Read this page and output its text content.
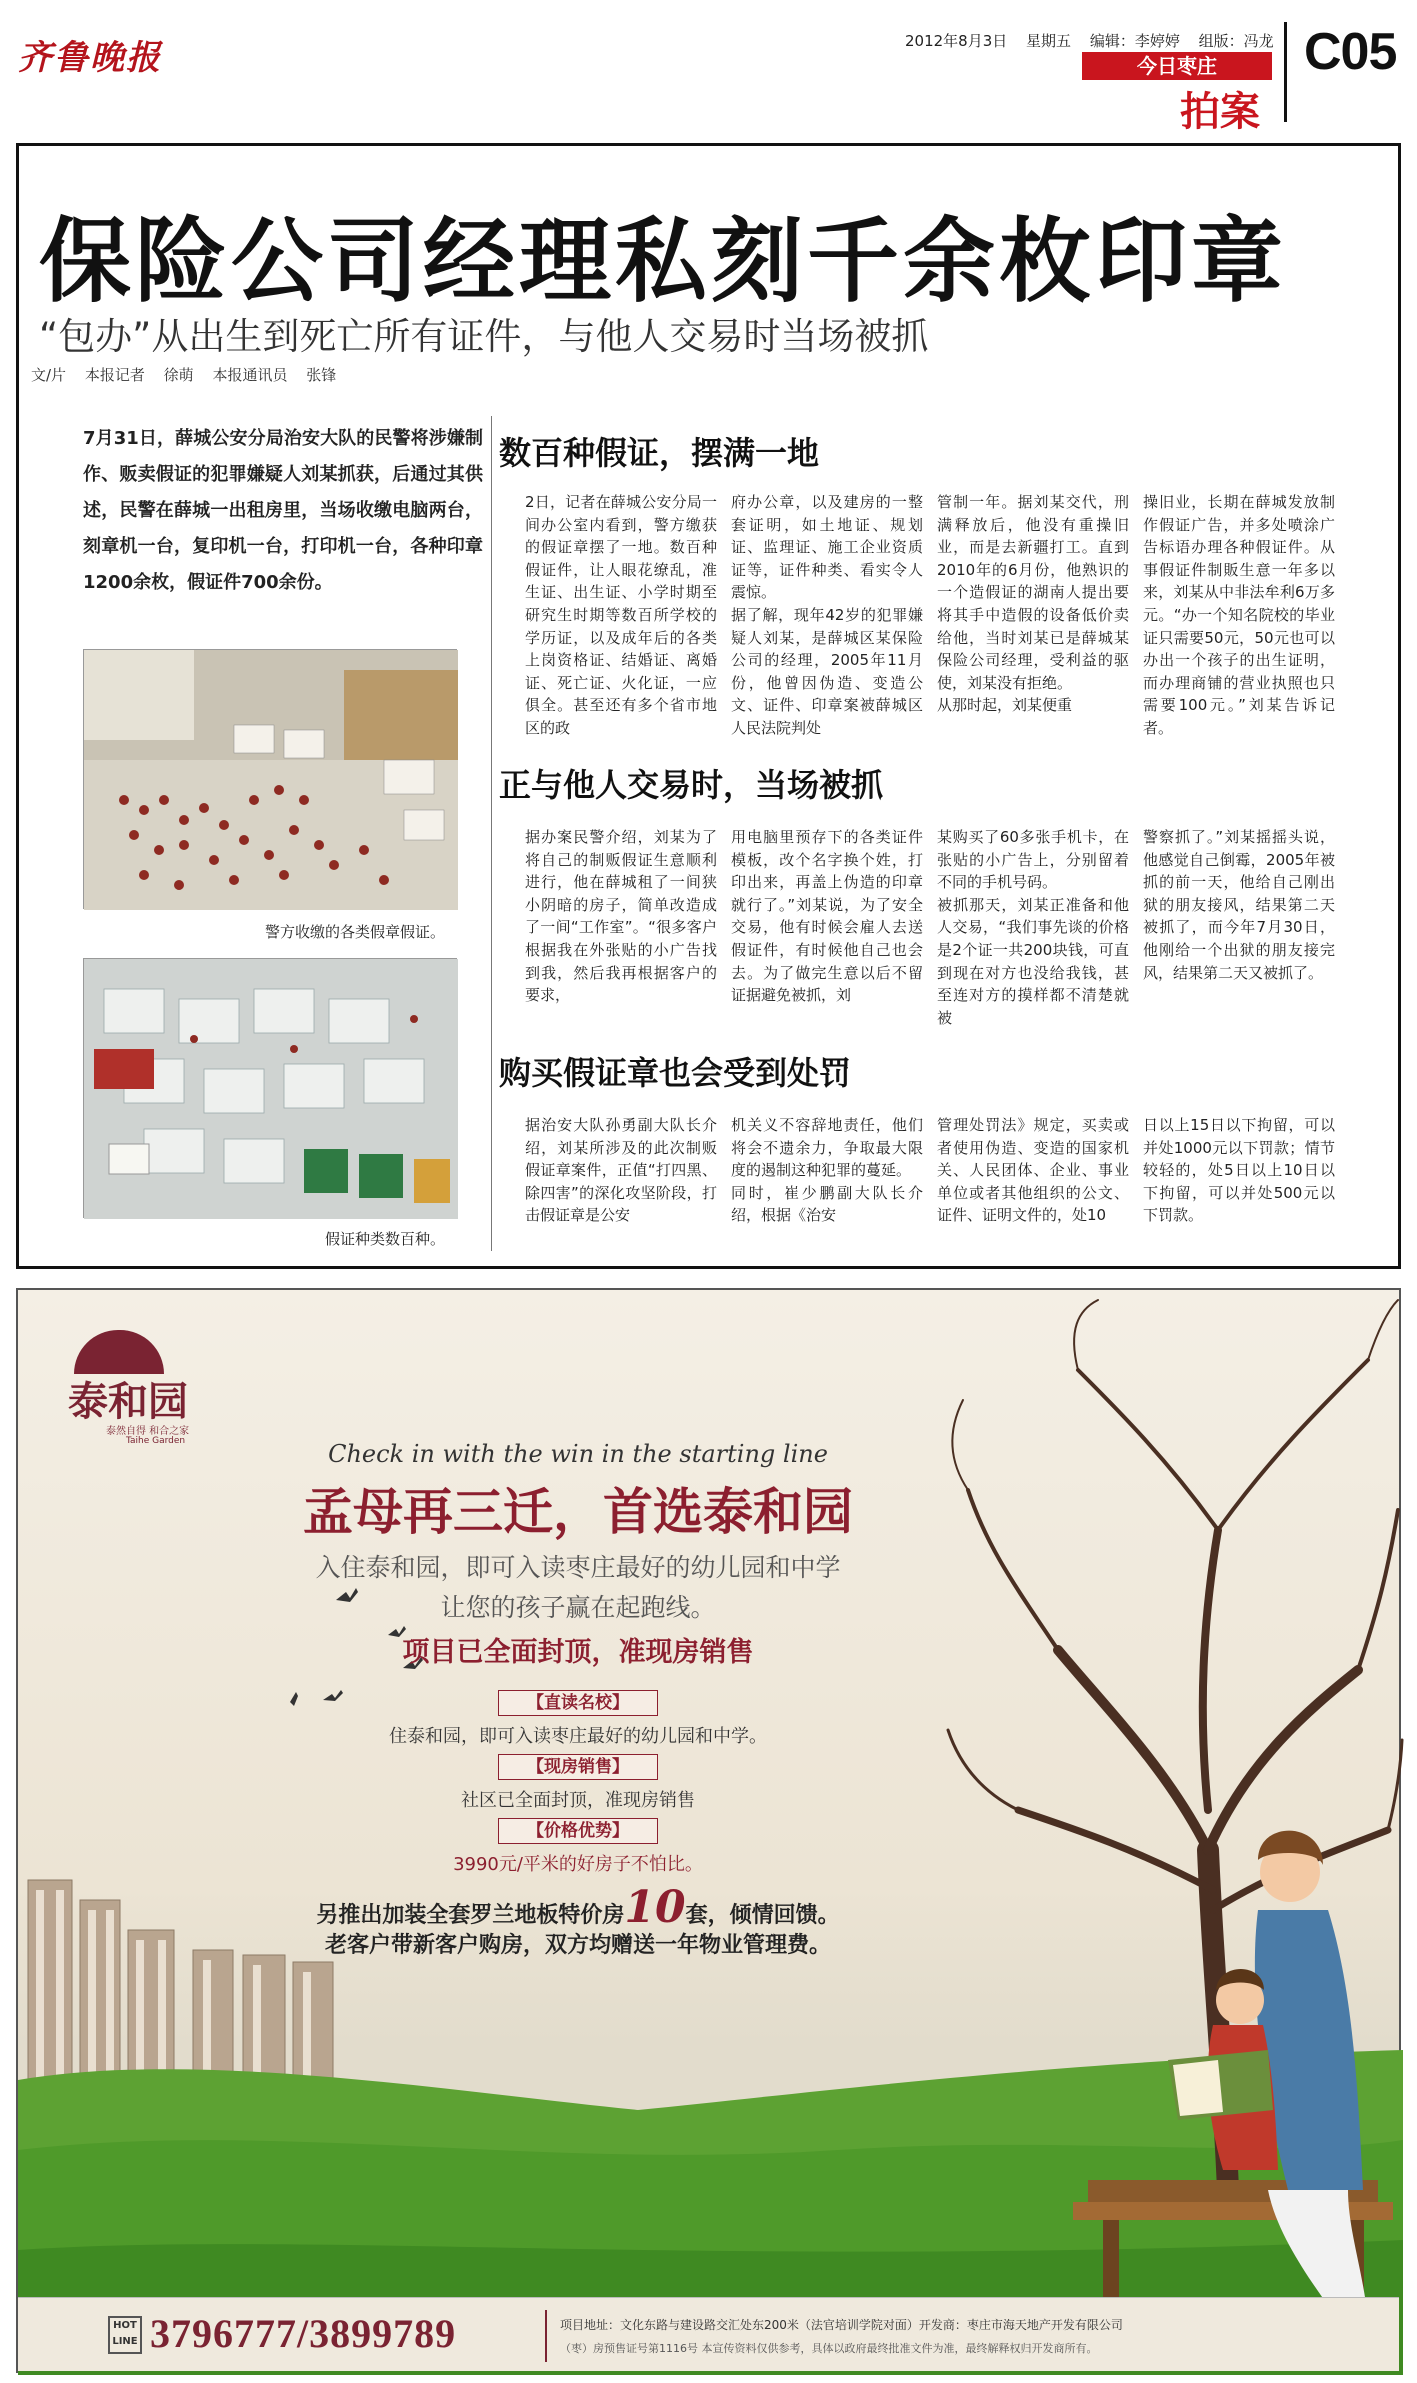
齐鲁晚报	2012年8月3日 星期五 编辑：李婷婷 组版：冯龙
今日枣庄
拍案
C05
保险公司经理私刻千余枚印章
“包办”从出生到死亡所有证件，与他人交易时当场被抓
文/片 本报记者 徐萌 本报通讯员 张锋
7月31日，薛城公安分局治安大队的民警将涉嫌制作、贩卖假证的犯罪嫌疑人刘某抓获，后通过其供述，民警在薛城一出租房里，当场收缴电脑两台，刻章机一台，复印机一台，打印机一台，各种印章1200余枚，假证件700余份。
警方收缴的各类假章假证。
假证种类数百种。
数百种假证，摆满一地
2日，记者在薛城公安分局一间办公室内看到，警方缴获的假证章摆了一地。数百种假证件，让人眼花缭乱，准生证、出生证、小学时期至研究生时期等数百所学校的学历证，以及成年后的各类上岗资格证、结婚证、离婚证、死亡证、火化证，一应俱全。甚至还有多个省市地区的政
府办公章，以及建房的一整套证明，如土地证、规划证、监理证、施工企业资质证等，证件种类、看实令人震惊。
据了解，现年42岁的犯罪嫌疑人刘某，是薛城区某保险公司的经理，2005年11月份，他曾因伪造、变造公文、证件、印章案被薛城区人民法院判处
管制一年。据刘某交代，刑满释放后，他没有重操旧业，而是去新疆打工。直到2010年的6月份，他熟识的一个造假证的湖南人提出要将其手中造假的设备低价卖给他，当时刘某已是薛城某保险公司经理，受利益的驱使，刘某没有拒绝。
从那时起，刘某便重
操旧业，长期在薛城发放制作假证广告，并多处喷涂广告标语办理各种假证件。从事假证件制販生意一年多以来，刘某从中非法牟利6万多元。“办一个知名院校的毕业证只需要50元，50元也可以办出一个孩子的出生证明，而办理商铺的营业执照也只需要100元。”刘某告诉记者。
正与他人交易时，当场被抓
据办案民警介绍，刘某为了将自己的制贩假证生意顺利进行，他在薛城租了一间狭小阴暗的房子，简单改造成了一间“工作室”。“很多客户根据我在外张贴的小广告找到我，然后我再根据客户的要求，
用电脑里预存下的各类证件模板，改个名字换个姓，打印出来，再盖上伪造的印章就行了。”刘某说，为了安全交易，他有时候会雇人去送假证件，有时候他自己也会去。为了做完生意以后不留证据避免被抓，刘
某购买了60多张手机卡，在张贴的小广告上，分别留着不同的手机号码。
被抓那天，刘某正准备和他人交易，“我们事先谈的价格是2个证一共200块钱，可直到现在对方也没给我钱，甚至连对方的摸样都不清楚就被
警察抓了。”刘某摇摇头说，他感觉自己倒霉，2005年被抓的前一天，他给自己刚出狱的朋友接风，结果第二天被抓了，而今年7月30日，他刚给一个出狱的朋友接完风，结果第二天又被抓了。
购买假证章也会受到处罚
据治安大队孙勇副大队长介绍，刘某所涉及的此次制贩假证章案件，正值“打四黑、除四害”的深化攻坚阶段，打击假证章是公安
机关义不容辞地责任，他们将会不遗余力，争取最大限度的遏制这种犯罪的蔓延。
同时，崔少鹏副大队长介绍，根据《治安
管理处罚法》规定，买卖或者使用伪造、变造的国家机关、人民团体、企业、事业单位或者其他组织的公文、证件、证明文件的，处10
日以上15日以下拘留，可以并处1000元以下罚款；情节较轻的，处5日以上10日以下拘留，可以并处500元以下罚款。
泰和园
泰然自得 和合之家
Taihe Garden	Check in with the win in the starting line
孟母再三迁，首选泰和园
入住泰和园，即可入读枣庄最好的幼儿园和中学
让您的孩子赢在起跑线。
项目已全面封顶，准现房销售
【直读名校】
住泰和园，即可入读枣庄最好的幼儿园和中学。
【现房销售】
社区已全面封顶，准现房销售
【价格优势】
3990元/平米的好房子不怕比。
另推出加装全套罗兰地板特价房10套，倾情回馈。
老客户带新客户购房，双方均赠送一年物业管理费。
HOT LINE 3796777/3899789	项目地址：文化东路与建设路交汇处东200米（法官培训学院对面）开发商：枣庄市海天地产开发有限公司
（枣）房预售证号第1116号 本宣传资料仅供参考，具体以政府最终批准文件为准，最终解释权归开发商所有。
